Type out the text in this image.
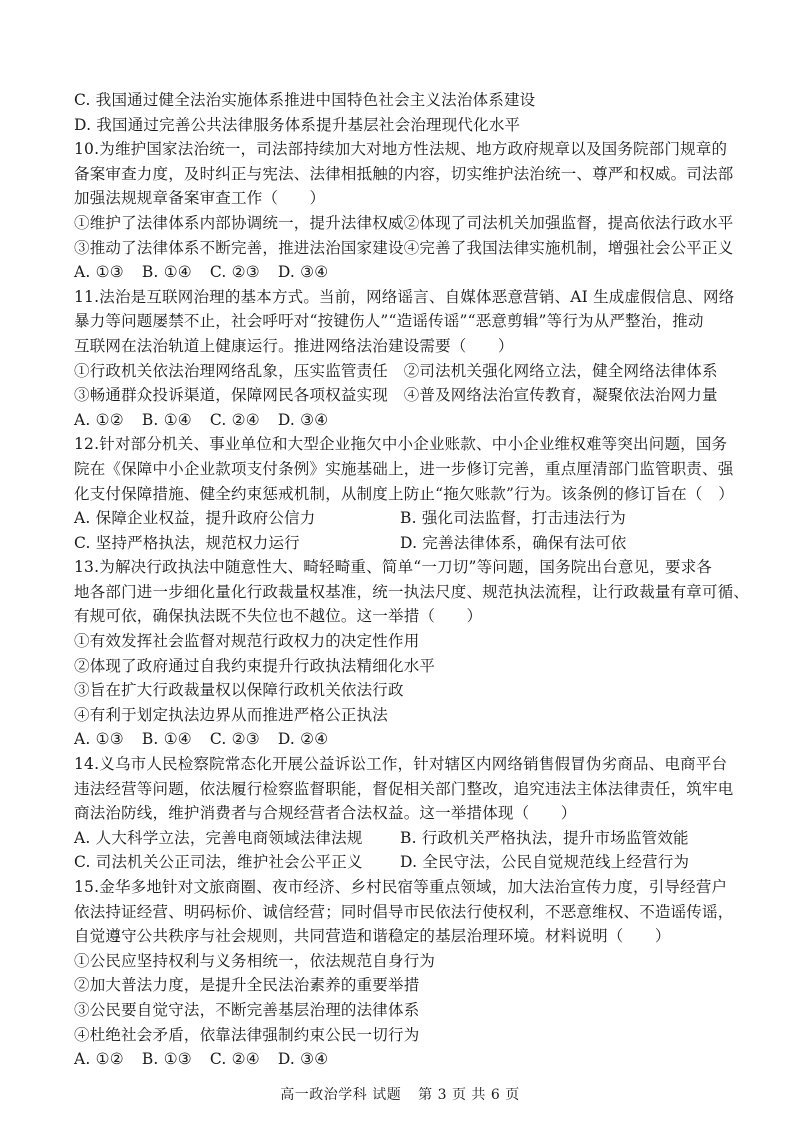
C. 我国通过健全法治实施体系推进中国特色社会主义法治体系建设
D. 我国通过完善公共法律服务体系提升基层社会治理现代化水平
10.为维护国家法治统一，司法部持续加大对地方性法规、地方政府规章以及国务院部门规章的
备案审查力度，及时纠正与宪法、法律相抵触的内容，切实维护法治统一、尊严和权威。司法部
加强法规规章备案审查工作（　　）
①维护了法律体系内部协调统一，提升法律权威②体现了司法机关加强监督，提高依法行政水平
③推动了法律体系不断完善，推进法治国家建设④完善了我国法律实施机制，增强社会公平正义
A. ①③ B. ①④ C. ②③ D. ③④
11.法治是互联网治理的基本方式。当前，网络谣言、自媒体恶意营销、AI 生成虚假信息、网络
暴力等问题屡禁不止，社会呼吁对“按键伤人”“造谣传谣”“恶意剪辑”等行为从严整治，推动
互联网在法治轨道上健康运行。推进网络法治建设需要（　　）
①行政机关依法治理网络乱象，压实监管责任　②司法机关强化网络立法，健全网络法律体系
③畅通群众投诉渠道，保障网民各项权益实现　④普及网络法治宣传教育，凝聚依法治网力量
A. ①② B. ①④ C. ②④ D. ③④
12.针对部分机关、事业单位和大型企业拖欠中小企业账款、中小企业维权难等突出问题，国务
院在《保障中小企业款项支付条例》实施基础上，进一步修订完善，重点厘清部门监管职责、强
化支付保障措施、健全约束惩戒机制，从制度上防止“拖欠账款”行为。该条例的修订旨在（　）
A. 保障企业权益，提升政府公信力	B. 强化司法监督，打击违法行为
C. 坚持严格执法，规范权力运行	D. 完善法律体系，确保有法可依
13.为解决行政执法中随意性大、畸轻畸重、简单“一刀切”等问题，国务院出台意见，要求各
地各部门进一步细化量化行政裁量权基准，统一执法尺度、规范执法流程，让行政裁量有章可循、
有规可依，确保执法既不失位也不越位。这一举措（　　）
①有效发挥社会监督对规范行政权力的决定性作用
②体现了政府通过自我约束提升行政执法精细化水平
③旨在扩大行政裁量权以保障行政机关依法行政
④有利于划定执法边界从而推进严格公正执法
A. ①③ B. ①④ C. ②③ D. ②④
14.义乌市人民检察院常态化开展公益诉讼工作，针对辖区内网络销售假冒伪劣商品、电商平台
违法经营等问题，依法履行检察监督职能，督促相关部门整改，追究违法主体法律责任，筑牢电
商法治防线，维护消费者与合规经营者合法权益。这一举措体现（　　）
A. 人大科学立法，完善电商领域法律法规	B. 行政机关严格执法，提升市场监管效能
C. 司法机关公正司法，维护社会公平正义	D. 全民守法，公民自觉规范线上经营行为
15.金华多地针对文旅商圈、夜市经济、乡村民宿等重点领域，加大法治宣传力度，引导经营户
依法持证经营、明码标价、诚信经营；同时倡导市民依法行使权利，不恶意维权、不造谣传谣，
自觉遵守公共秩序与社会规则，共同营造和谐稳定的基层治理环境。材料说明（　　）
①公民应坚持权利与义务相统一，依法规范自身行为
②加大普法力度，是提升全民法治素养的重要举措
③公民要自觉守法，不断完善基层治理的法律体系
④杜绝社会矛盾，依靠法律强制约束公民一切行为
A. ①② B. ①③ C. ②④ D. ③④
高一政治学科 试题 第 3 页 共 6 页
